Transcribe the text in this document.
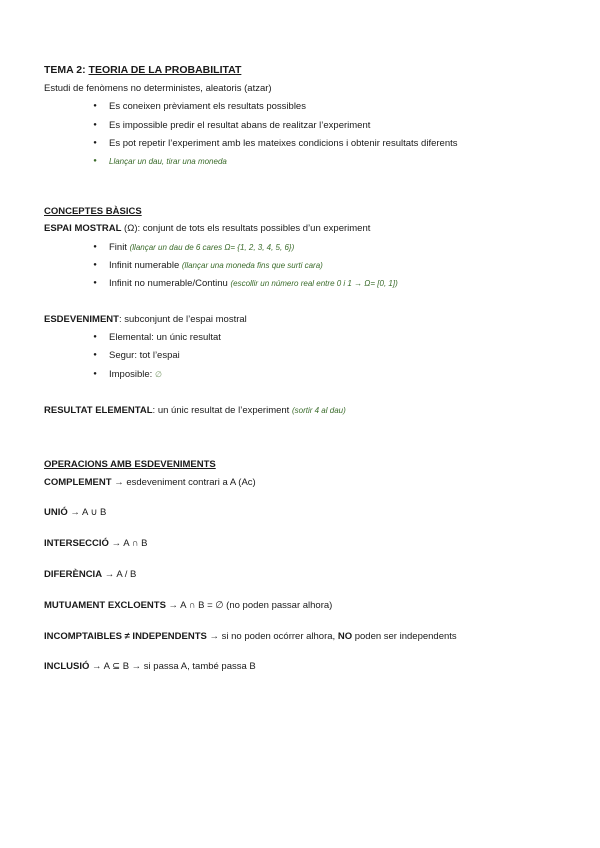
TEMA 2: TEORIA DE LA PROBABILITAT
Estudi de fenòmens no deterministes, aleatoris (atzar)
●
Es coneixen prèviament els resultats possibles
●
Es impossible predir el resultat abans de realitzar l’experiment
●
Es pot repetir l’experiment amb les mateixes condicions i obtenir resultats diferents
●
Llançar un dau, tirar una moneda
CONCEPTES BÀSICS
ESPAI MOSTRAL (Ω): conjunt de tots els resultats possibles d’un experiment
●
Finit (llançar un dau de 6 cares Ω= {1, 2, 3, 4, 5, 6})
●
Infinit numerable (llançar una moneda fins que surti cara)
●
Infinit no numerable/Continu (escollir un número real entre 0 i 1 → Ω= [0, 1])
ESDEVENIMENT: subconjunt de l’espai mostral
●
Elemental: un únic resultat
●
Segur: tot l’espai
●
Imposible: ∅
RESULTAT ELEMENTAL: un únic resultat de l’experiment (sortir 4 al dau)
OPERACIONS AMB ESDEVENIMENTS
COMPLEMENT → esdeveniment contrari a A (Ac)
UNIÓ → A ∪ B
INTERSECCIÓ → A ∩ B
DIFERÈNCIA → A / B
MUTUAMENT EXCLOENTS → A ∩ B = ∅ (no poden passar alhora)
INCOMPTAIBLES ≠ INDEPENDENTS → si no poden ocórrer alhora, NO poden ser independents
INCLUSIÓ → A ⊆ B → si passa A, també passa B
